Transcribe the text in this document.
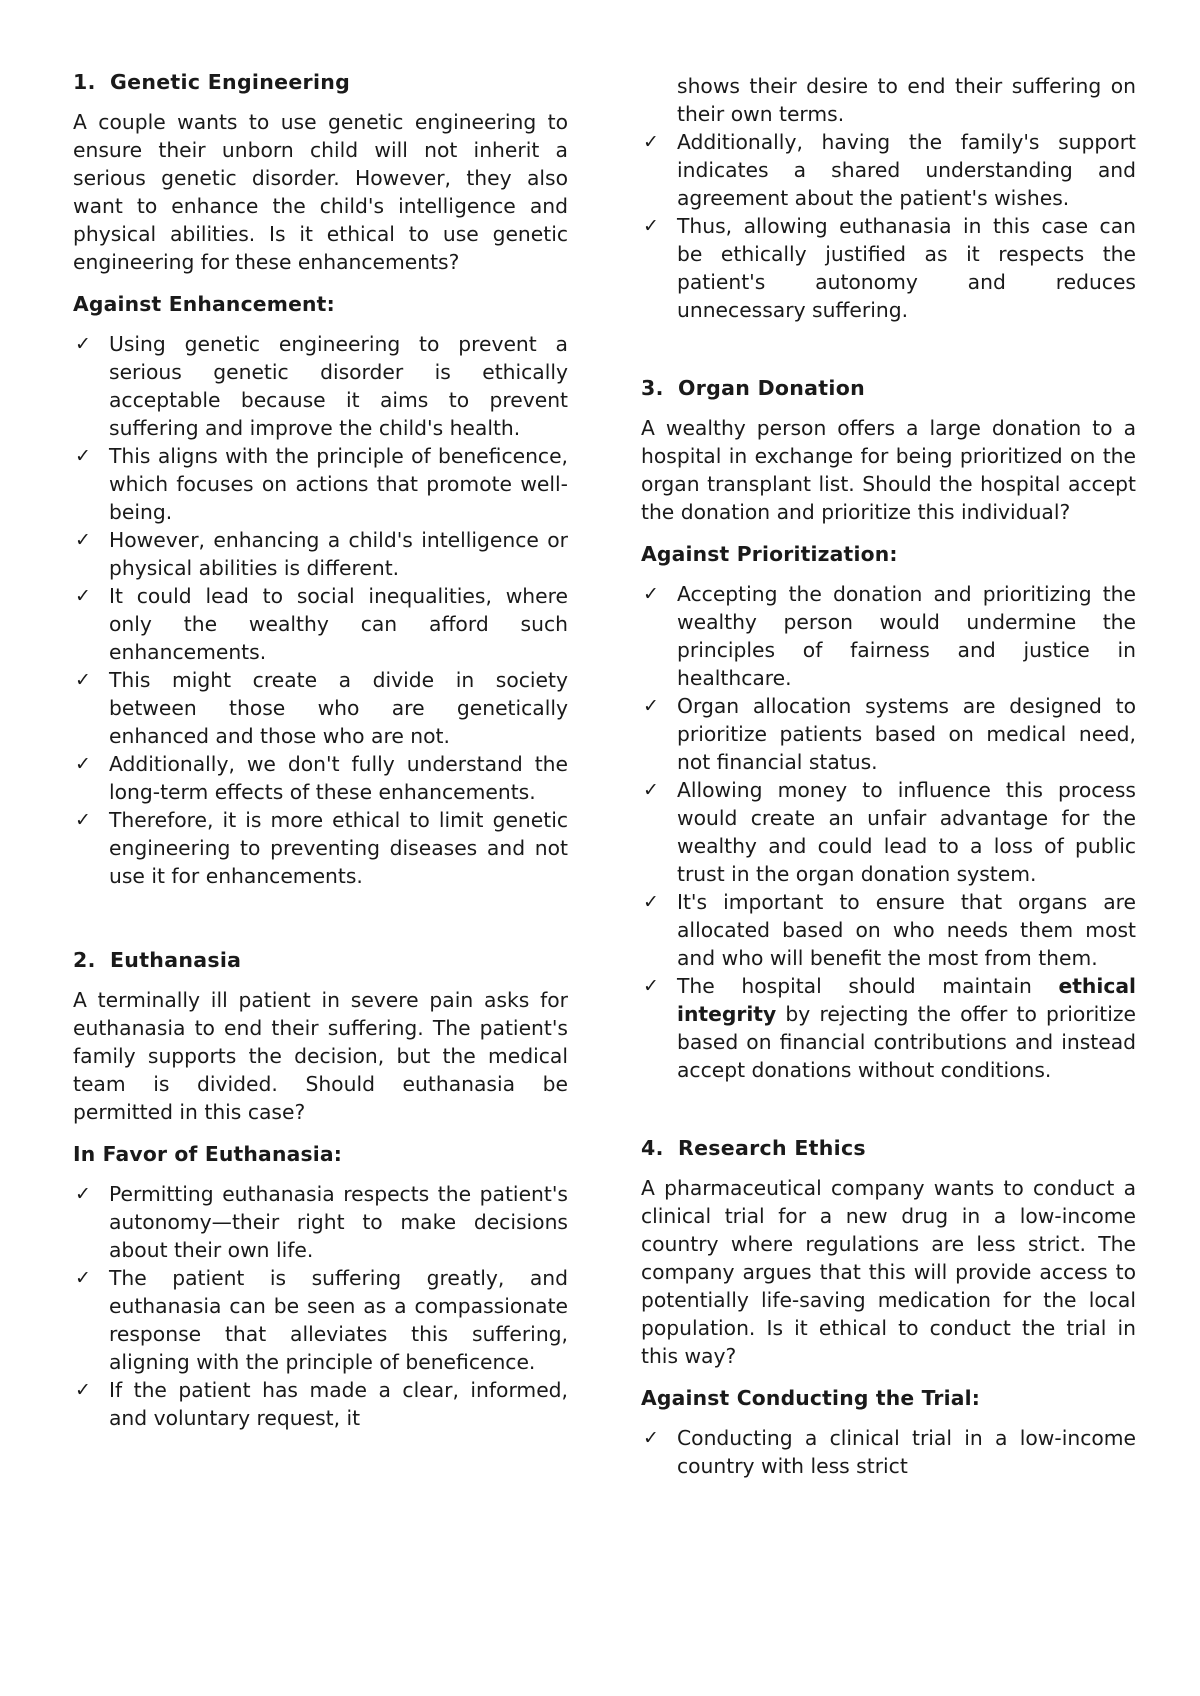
1. Genetic Engineering

A couple wants to use genetic engineering to ensure their unborn child will not inherit a serious genetic disorder. However, they also want to enhance the child's intelligence and physical abilities. Is it ethical to use genetic engineering for these enhancements?

Against Enhancement:
✓ Using genetic engineering to prevent a serious genetic disorder is ethically acceptable because it aims to prevent suffering and improve the child's health.
✓ This aligns with the principle of beneficence, which focuses on actions that promote well-being.
✓ However, enhancing a child's intelligence or physical abilities is different.
✓ It could lead to social inequalities, where only the wealthy can afford such enhancements.
✓ This might create a divide in society between those who are genetically enhanced and those who are not.
✓ Additionally, we don't fully understand the long-term effects of these enhancements.
✓ Therefore, it is more ethical to limit genetic engineering to preventing diseases and not use it for enhancements.
2. Euthanasia

A terminally ill patient in severe pain asks for euthanasia to end their suffering. The patient's family supports the decision, but the medical team is divided. Should euthanasia be permitted in this case?

In Favor of Euthanasia:
✓ Permitting euthanasia respects the patient's autonomy—their right to make decisions about their own life.
✓ The patient is suffering greatly, and euthanasia can be seen as a compassionate response that alleviates this suffering, aligning with the principle of beneficence.
✓ If the patient has made a clear, informed, and voluntary request, it
shows their desire to end their suffering on their own terms.
✓ Additionally, having the family's support indicates a shared understanding and agreement about the patient's wishes.
✓ Thus, allowing euthanasia in this case can be ethically justified as it respects the patient's autonomy and reduces unnecessary suffering.
3. Organ Donation

A wealthy person offers a large donation to a hospital in exchange for being prioritized on the organ transplant list. Should the hospital accept the donation and prioritize this individual?

Against Prioritization:
✓ Accepting the donation and prioritizing the wealthy person would undermine the principles of fairness and justice in healthcare.
✓ Organ allocation systems are designed to prioritize patients based on medical need, not financial status.
✓ Allowing money to influence this process would create an unfair advantage for the wealthy and could lead to a loss of public trust in the organ donation system.
✓ It's important to ensure that organs are allocated based on who needs them most and who will benefit the most from them.
✓ The hospital should maintain ethical integrity by rejecting the offer to prioritize based on financial contributions and instead accept donations without conditions.
4. Research Ethics

A pharmaceutical company wants to conduct a clinical trial for a new drug in a low-income country where regulations are less strict. The company argues that this will provide access to potentially life-saving medication for the local population. Is it ethical to conduct the trial in this way?

Against Conducting the Trial:
✓ Conducting a clinical trial in a low-income country with less strict
